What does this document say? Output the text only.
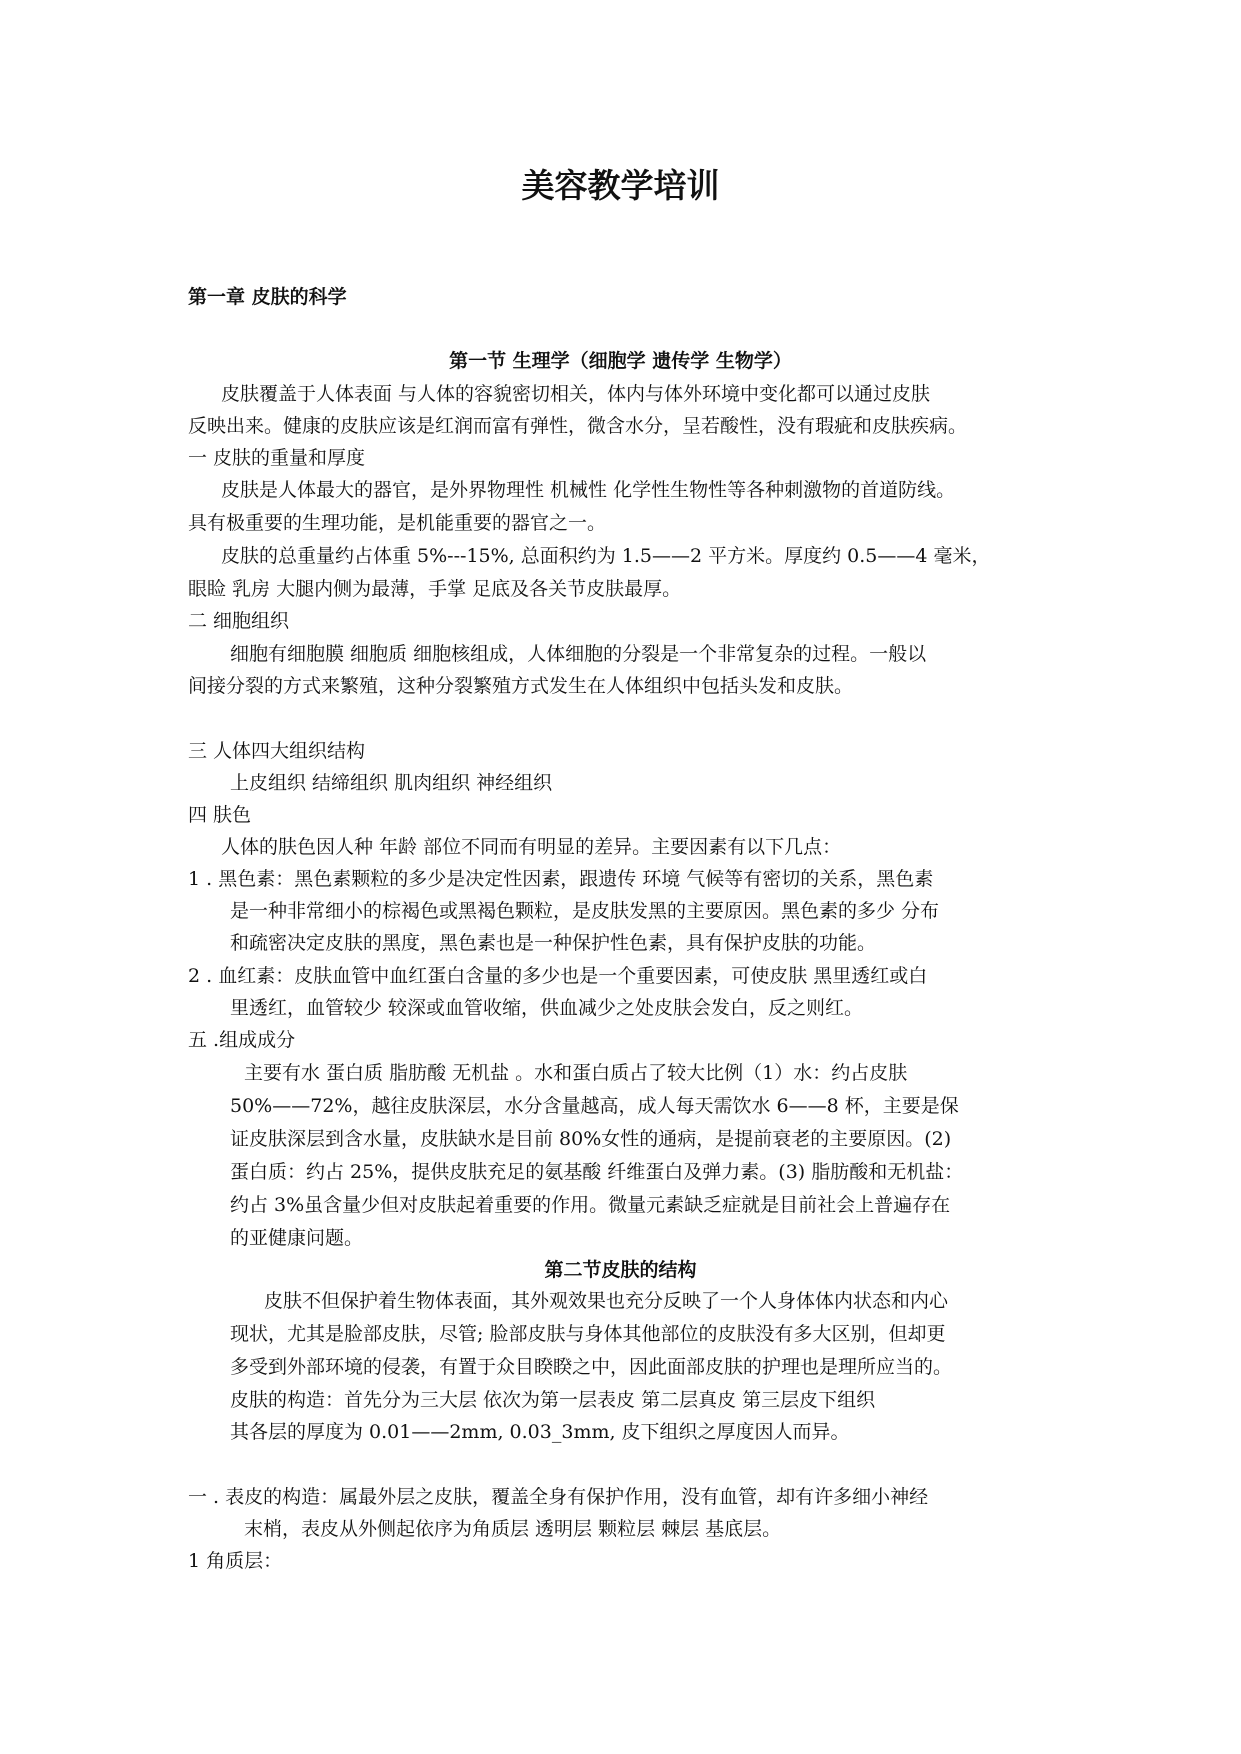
美容教学培训

第一章 皮肤的科学

第一节 生理学（细胞学 遗传学 生物学）

皮肤覆盖于人体表面 与人体的容貌密切相关，体内与体外环境中变化都可以通过皮肤

反映出来。健康的皮肤应该是红润而富有弹性，微含水分，呈若酸性，没有瑕疵和皮肤疾病。

一 皮肤的重量和厚度

皮肤是人体最大的器官，是外界物理性 机械性 化学性生物性等各种刺激物的首道防线。

具有极重要的生理功能，是机能重要的器官之一。

皮肤的总重量约占体重 5%---15%, 总面积约为 1.5——2 平方米。厚度约 0.5——4 毫米，

眼睑 乳房 大腿内侧为最薄，手掌 足底及各关节皮肤最厚。

二 细胞组织

细胞有细胞膜 细胞质 细胞核组成，人体细胞的分裂是一个非常复杂的过程。一般以

间接分裂的方式来繁殖，这种分裂繁殖方式发生在人体组织中包括头发和皮肤。

三 人体四大组织结构

上皮组织 结缔组织 肌肉组织 神经组织

四 肤色

人体的肤色因人种 年龄 部位不同而有明显的差异。主要因素有以下几点：

1 . 黑色素：黑色素颗粒的多少是决定性因素，跟遗传 环境 气候等有密切的关系，黑色素

是一种非常细小的棕褐色或黑褐色颗粒，是皮肤发黑的主要原因。黑色素的多少 分布

和疏密决定皮肤的黑度，黑色素也是一种保护性色素，具有保护皮肤的功能。

2 . 血红素：皮肤血管中血红蛋白含量的多少也是一个重要因素，可使皮肤 黑里透红或白

里透红，血管较少 较深或血管收缩，供血减少之处皮肤会发白，反之则红。

五 .组成成分

主要有水 蛋白质 脂肪酸 无机盐 。水和蛋白质占了较大比例（1）水：约占皮肤

50%——72%，越往皮肤深层，水分含量越高，成人每天需饮水 6——8 杯，主要是保

证皮肤深层到含水量，皮肤缺水是目前 80%女性的通病，是提前衰老的主要原因。(2)

蛋白质：约占 25%，提供皮肤充足的氨基酸 纤维蛋白及弹力素。(3) 脂肪酸和无机盐：

约占 3%虽含量少但对皮肤起着重要的作用。微量元素缺乏症就是目前社会上普遍存在

的亚健康问题。

第二节皮肤的结构

皮肤不但保护着生物体表面，其外观效果也充分反映了一个人身体体内状态和内心

现状，尤其是脸部皮肤，尽管; 脸部皮肤与身体其他部位的皮肤没有多大区别，但却更

多受到外部环境的侵袭，有置于众目睽睽之中，因此面部皮肤的护理也是理所应当的。

皮肤的构造：首先分为三大层 依次为第一层表皮 第二层真皮 第三层皮下组织

其各层的厚度为 0.01——2mm, 0.03_3mm, 皮下组织之厚度因人而异。

一 . 表皮的构造：属最外层之皮肤，覆盖全身有保护作用，没有血管，却有许多细小神经

末梢，表皮从外侧起依序为角质层 透明层 颗粒层 棘层 基底层。

1 角质层：
